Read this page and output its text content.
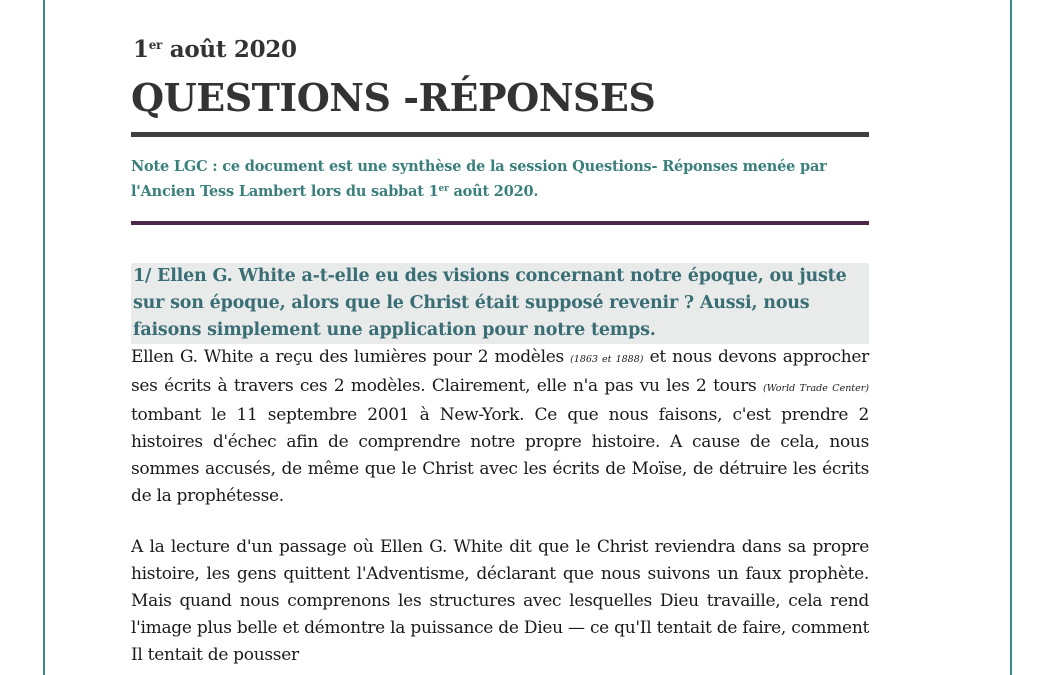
1er août 2020
QUESTIONS -RÉPONSES
Note LGC : ce document est une synthèse de la session Questions- Réponses menée par l'Ancien Tess Lambert lors du sabbat 1er août 2020.
1/ Ellen G. White a-t-elle eu des visions concernant notre époque, ou juste sur son époque, alors que le Christ était supposé revenir ? Aussi, nous faisons simplement une application pour notre temps.
Ellen G. White a reçu des lumières pour 2 modèles (1863 et 1888) et nous devons approcher ses écrits à travers ces 2 modèles. Clairement, elle n'a pas vu les 2 tours (World Trade Center) tombant le 11 septembre 2001 à New-York. Ce que nous faisons, c'est prendre 2 histoires d'échec afin de comprendre notre propre histoire. A cause de cela, nous sommes accusés, de même que le Christ avec les écrits de Moïse, de détruire les écrits de la prophétesse.
A la lecture d'un passage où Ellen G. White dit que le Christ reviendra dans sa propre histoire, les gens quittent l'Adventisme, déclarant que nous suivons un faux prophète. Mais quand nous comprenons les structures avec lesquelles Dieu travaille, cela rend l'image plus belle et démontre la puissance de Dieu — ce qu'Il tentait de faire, comment Il tentait de pousser
